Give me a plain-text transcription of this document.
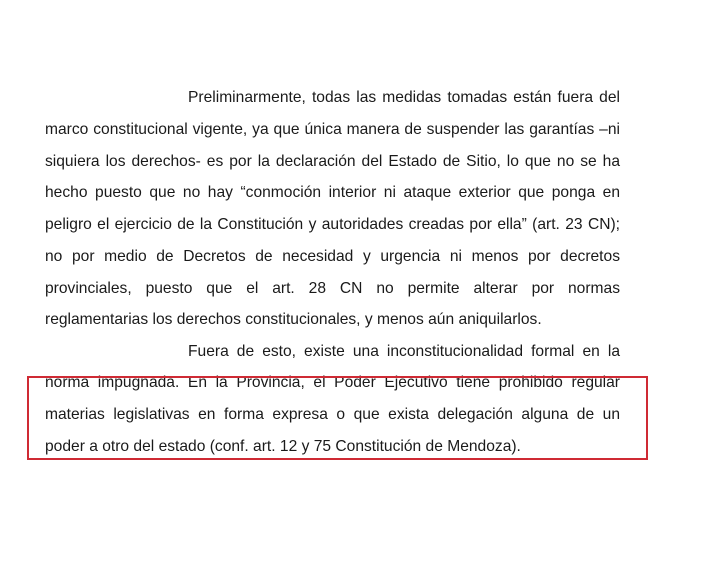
Preliminarmente, todas las medidas tomadas están fuera del
marco constitucional vigente, ya que única manera de suspender las garantías –ni
siquiera los derechos- es por la declaración del Estado de Sitio, lo que no se ha
hecho puesto que no hay “conmoción interior ni ataque exterior que ponga en
peligro el ejercicio de la Constitución y autoridades creadas por ella” (art. 23 CN);
no por medio de Decretos de necesidad y urgencia ni menos por decretos
provinciales, puesto que el art. 28 CN no permite alterar por normas
reglamentarias los derechos constitucionales, y menos aún aniquilarlos.
Fuera de esto, existe una inconstitucionalidad formal en la
norma impugnada. En la Provincia, el Poder Ejecutivo tiene prohibido regular
materias legislativas en forma expresa o que exista delegación alguna de un
poder a otro del estado (conf. art. 12 y 75 Constitución de Mendoza).
